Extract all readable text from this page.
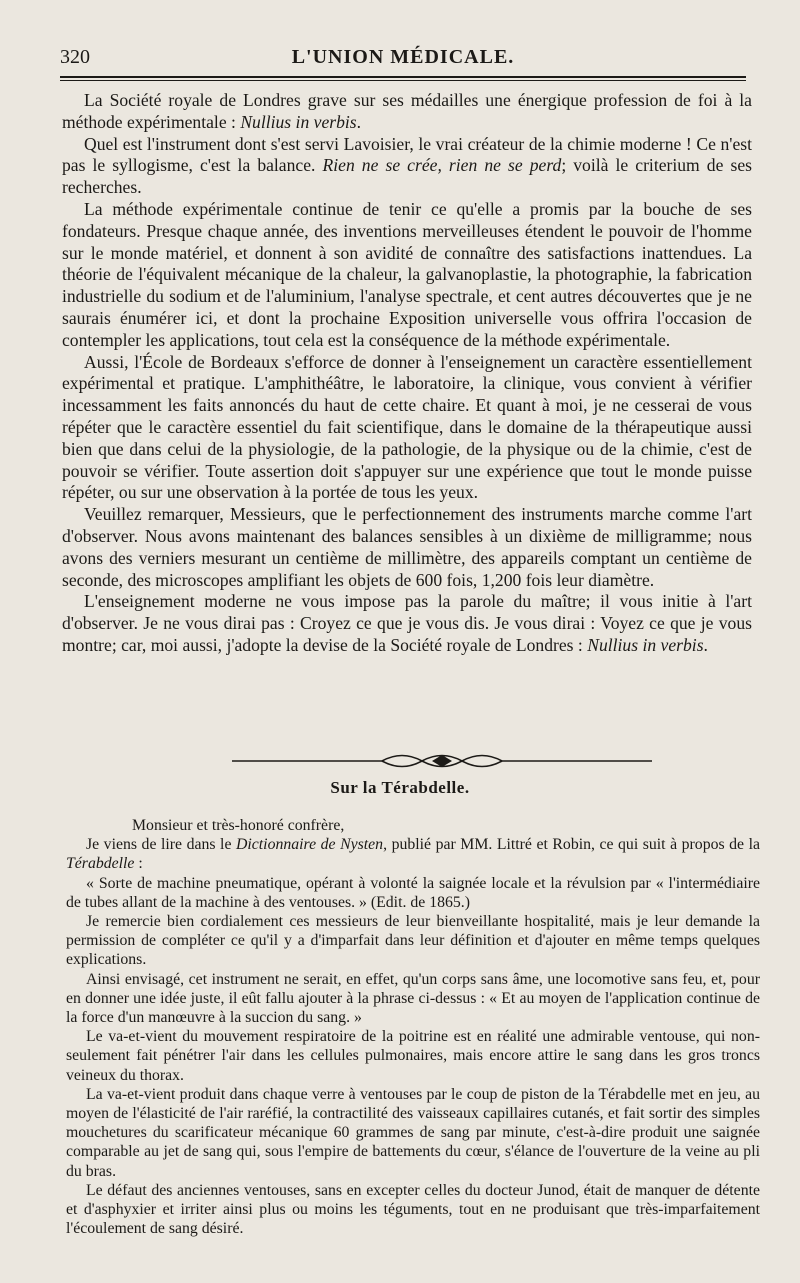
320	L'UNION MÉDICALE.

La Société royale de Londres grave sur ses médailles une énergique profession de foi à la méthode expérimentale : Nullius in verbis.

Quel est l'instrument dont s'est servi Lavoisier, le vrai créateur de la chimie moderne ! Ce n'est pas le syllogisme, c'est la balance. Rien ne se crée, rien ne se perd; voilà le criterium de ses recherches.

La méthode expérimentale continue de tenir ce qu'elle a promis par la bouche de ses fondateurs. Presque chaque année, des inventions merveilleuses étendent le pouvoir de l'homme sur le monde matériel, et donnent à son avidité de connaître des satisfactions inattendues. La théorie de l'équivalent mécanique de la chaleur, la galvanoplastie, la photographie, la fabrication industrielle du sodium et de l'aluminium, l'analyse spectrale, et cent autres découvertes que je ne saurais énumérer ici, et dont la prochaine Exposition universelle vous offrira l'occasion de contempler les applications, tout cela est la conséquence de la méthode expérimentale.

Aussi, l'École de Bordeaux s'efforce de donner à l'enseignement un caractère essentiellement expérimental et pratique. L'amphithéâtre, le laboratoire, la clinique, vous convient à vérifier incessamment les faits annoncés du haut de cette chaire. Et quant à moi, je ne cesserai de vous répéter que le caractère essentiel du fait scientifique, dans le domaine de la thérapeutique aussi bien que dans celui de la physiologie, de la pathologie, de la physique ou de la chimie, c'est de pouvoir se vérifier. Toute assertion doit s'appuyer sur une expérience que tout le monde puisse répéter, ou sur une observation à la portée de tous les yeux.

Veuillez remarquer, Messieurs, que le perfectionnement des instruments marche comme l'art d'observer. Nous avons maintenant des balances sensibles à un dixième de milligramme; nous avons des verniers mesurant un centième de millimètre, des appareils comptant un centième de seconde, des microscopes amplifiant les objets de 600 fois, 1,200 fois leur diamètre.

L'enseignement moderne ne vous impose pas la parole du maître; il vous initie à l'art d'observer. Je ne vous dirai pas : Croyez ce que je vous dis. Je vous dirai : Voyez ce que je vous montre; car, moi aussi, j'adopte la devise de la Société royale de Londres : Nullius in verbis.

Sur la Térabdelle.

Monsieur et très-honoré confrère,

Je viens de lire dans le Dictionnaire de Nysten, publié par MM. Littré et Robin, ce qui suit à propos de la Térabdelle :

« Sorte de machine pneumatique, opérant à volonté la saignée locale et la révulsion par « l'intermédiaire de tubes allant de la machine à des ventouses. » (Edit. de 1865.)

Je remercie bien cordialement ces messieurs de leur bienveillante hospitalité, mais je leur demande la permission de compléter ce qu'il y a d'imparfait dans leur définition et d'ajouter en même temps quelques explications.

Ainsi envisagé, cet instrument ne serait, en effet, qu'un corps sans âme, une locomotive sans feu, et, pour en donner une idée juste, il eût fallu ajouter à la phrase ci-dessus : « Et au moyen de l'application continue de la force d'un manœuvre à la succion du sang. »

Le va-et-vient du mouvement respiratoire de la poitrine est en réalité une admirable ventouse, qui non-seulement fait pénétrer l'air dans les cellules pulmonaires, mais encore attire le sang dans les gros troncs veineux du thorax.

La va-et-vient produit dans chaque verre à ventouses par le coup de piston de la Térabdelle met en jeu, au moyen de l'élasticité de l'air raréfié, la contractilité des vaisseaux capillaires cutanés, et fait sortir des simples mouchetures du scarificateur mécanique 60 grammes de sang par minute, c'est-à-dire produit une saignée comparable au jet de sang qui, sous l'empire de battements du cœur, s'élance de l'ouverture de la veine au pli du bras.

Le défaut des anciennes ventouses, sans en excepter celles du docteur Junod, était de manquer de détente et d'asphyxier et irriter ainsi plus ou moins les téguments, tout en ne produisant que très-imparfaitement l'écoulement de sang désiré.
